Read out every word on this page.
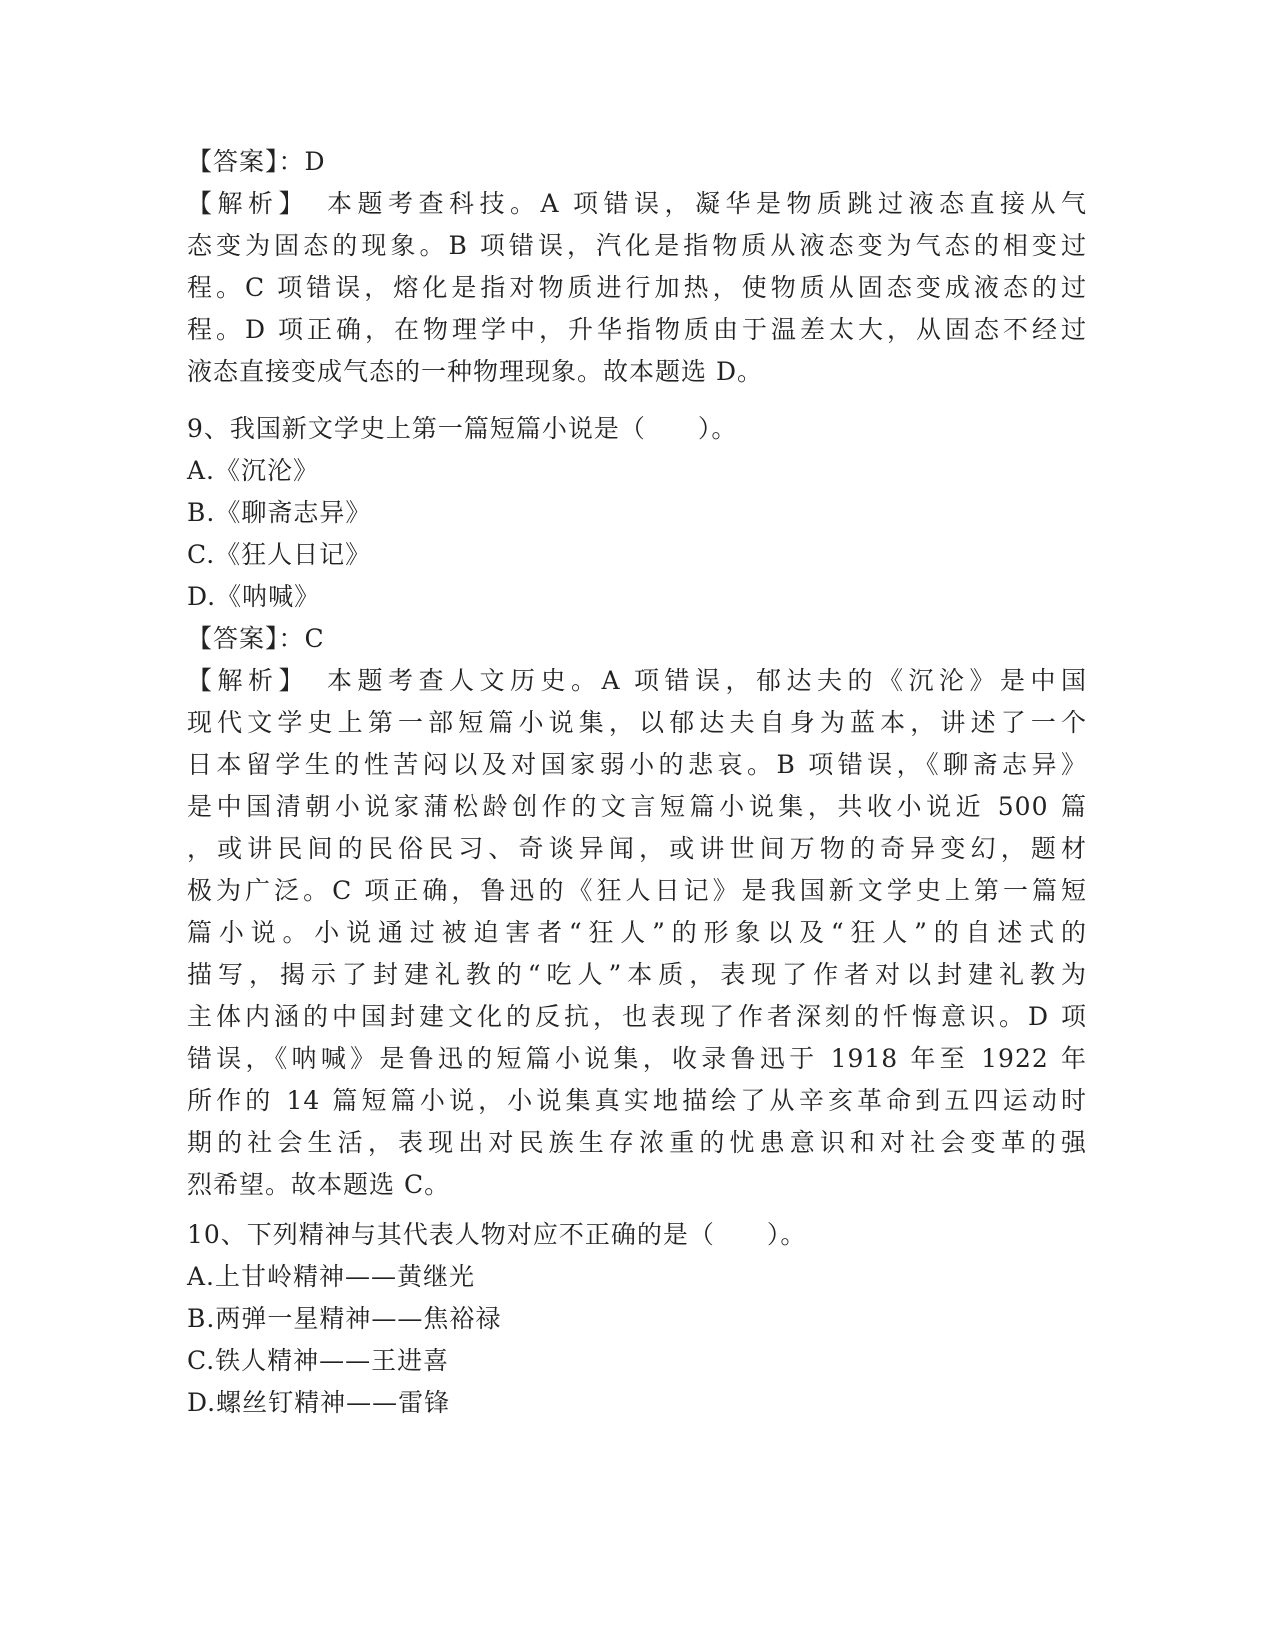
【答案】：D
【解析】　本题考查科技。A 项错误，凝华是物质跳过液态直接从气
态变为固态的现象。B 项错误，汽化是指物质从液态变为气态的相变过
程。C 项错误，熔化是指对物质进行加热，使物质从固态变成液态的过
程。D 项正确，在物理学中，升华指物质由于温差太大，从固态不经过
液态直接变成气态的一种物理现象。故本题选 D。
9、我国新文学史上第一篇短篇小说是（　　）。
A.《沉沦》
B.《聊斋志异》
C.《狂人日记》
D.《呐喊》
【答案】：C
【解析】　本题考查人文历史。A 项错误，郁达夫的《沉沦》是中国
现代文学史上第一部短篇小说集，以郁达夫自身为蓝本，讲述了一个
日本留学生的性苦闷以及对国家弱小的悲哀。B 项错误，《聊斋志异》
是中国清朝小说家蒲松龄创作的文言短篇小说集，共收小说近 500 篇
，或讲民间的民俗民习、奇谈异闻，或讲世间万物的奇异变幻，题材
极为广泛。C 项正确，鲁迅的《狂人日记》是我国新文学史上第一篇短
篇小说。小说通过被迫害者“狂人”的形象以及“狂人”的自述式的
描写，揭示了封建礼教的“吃人”本质，表现了作者对以封建礼教为
主体内涵的中国封建文化的反抗，也表现了作者深刻的忏悔意识。D 项
错误，《呐喊》是鲁迅的短篇小说集，收录鲁迅于 1918 年至 1922 年
所作的 14 篇短篇小说，小说集真实地描绘了从辛亥革命到五四运动时
期的社会生活，表现出对民族生存浓重的忧患意识和对社会变革的强
烈希望。故本题选 C。
10、下列精神与其代表人物对应不正确的是（　　）。
A.上甘岭精神——黄继光
B.两弹一星精神——焦裕禄
C.铁人精神——王进喜
D.螺丝钉精神——雷锋
